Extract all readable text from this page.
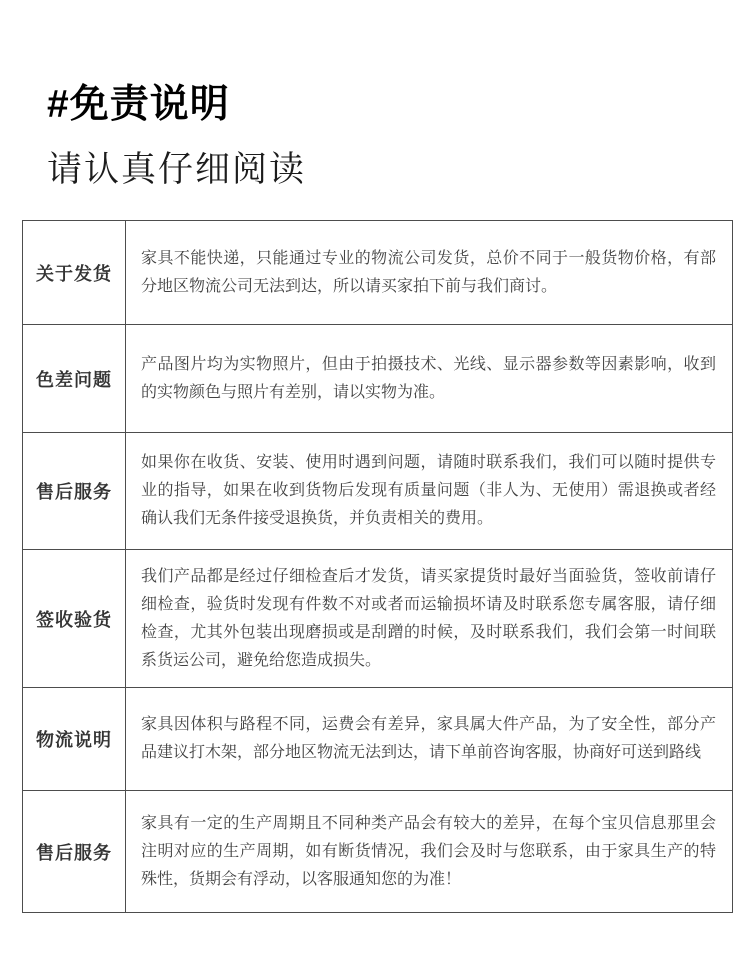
#免责说明
请认真仔细阅读
关于发货
家具不能快递，只能通过专业的物流公司发货，总价不同于一般货物价格，有部分地区物流公司无法到达，所以请买家拍下前与我们商讨。
色差问题
产品图片均为实物照片，但由于拍摄技术、光线、显示器参数等因素影响，收到的实物颜色与照片有差别，请以实物为准。
售后服务
如果你在收货、安装、使用时遇到问题，请随时联系我们，我们可以随时提供专业的指导，如果在收到货物后发现有质量问题（非人为、无使用）需退换或者经确认我们无条件接受退换货，并负责相关的费用。
签收验货
我们产品都是经过仔细检查后才发货，请买家提货时最好当面验货，签收前请仔细检查，验货时发现有件数不对或者而运输损坏请及时联系您专属客服，请仔细检查，尤其外包装出现磨损或是刮蹭的时候，及时联系我们，我们会第一时间联系货运公司，避免给您造成损失。
物流说明
家具因体积与路程不同，运费会有差异，家具属大件产品，为了安全性，部分产品建议打木架，部分地区物流无法到达，请下单前咨询客服，协商好可送到路线
售后服务
家具有一定的生产周期且不同种类产品会有较大的差异，在每个宝贝信息那里会注明对应的生产周期，如有断货情况，我们会及时与您联系，由于家具生产的特殊性，货期会有浮动，以客服通知您的为准！
